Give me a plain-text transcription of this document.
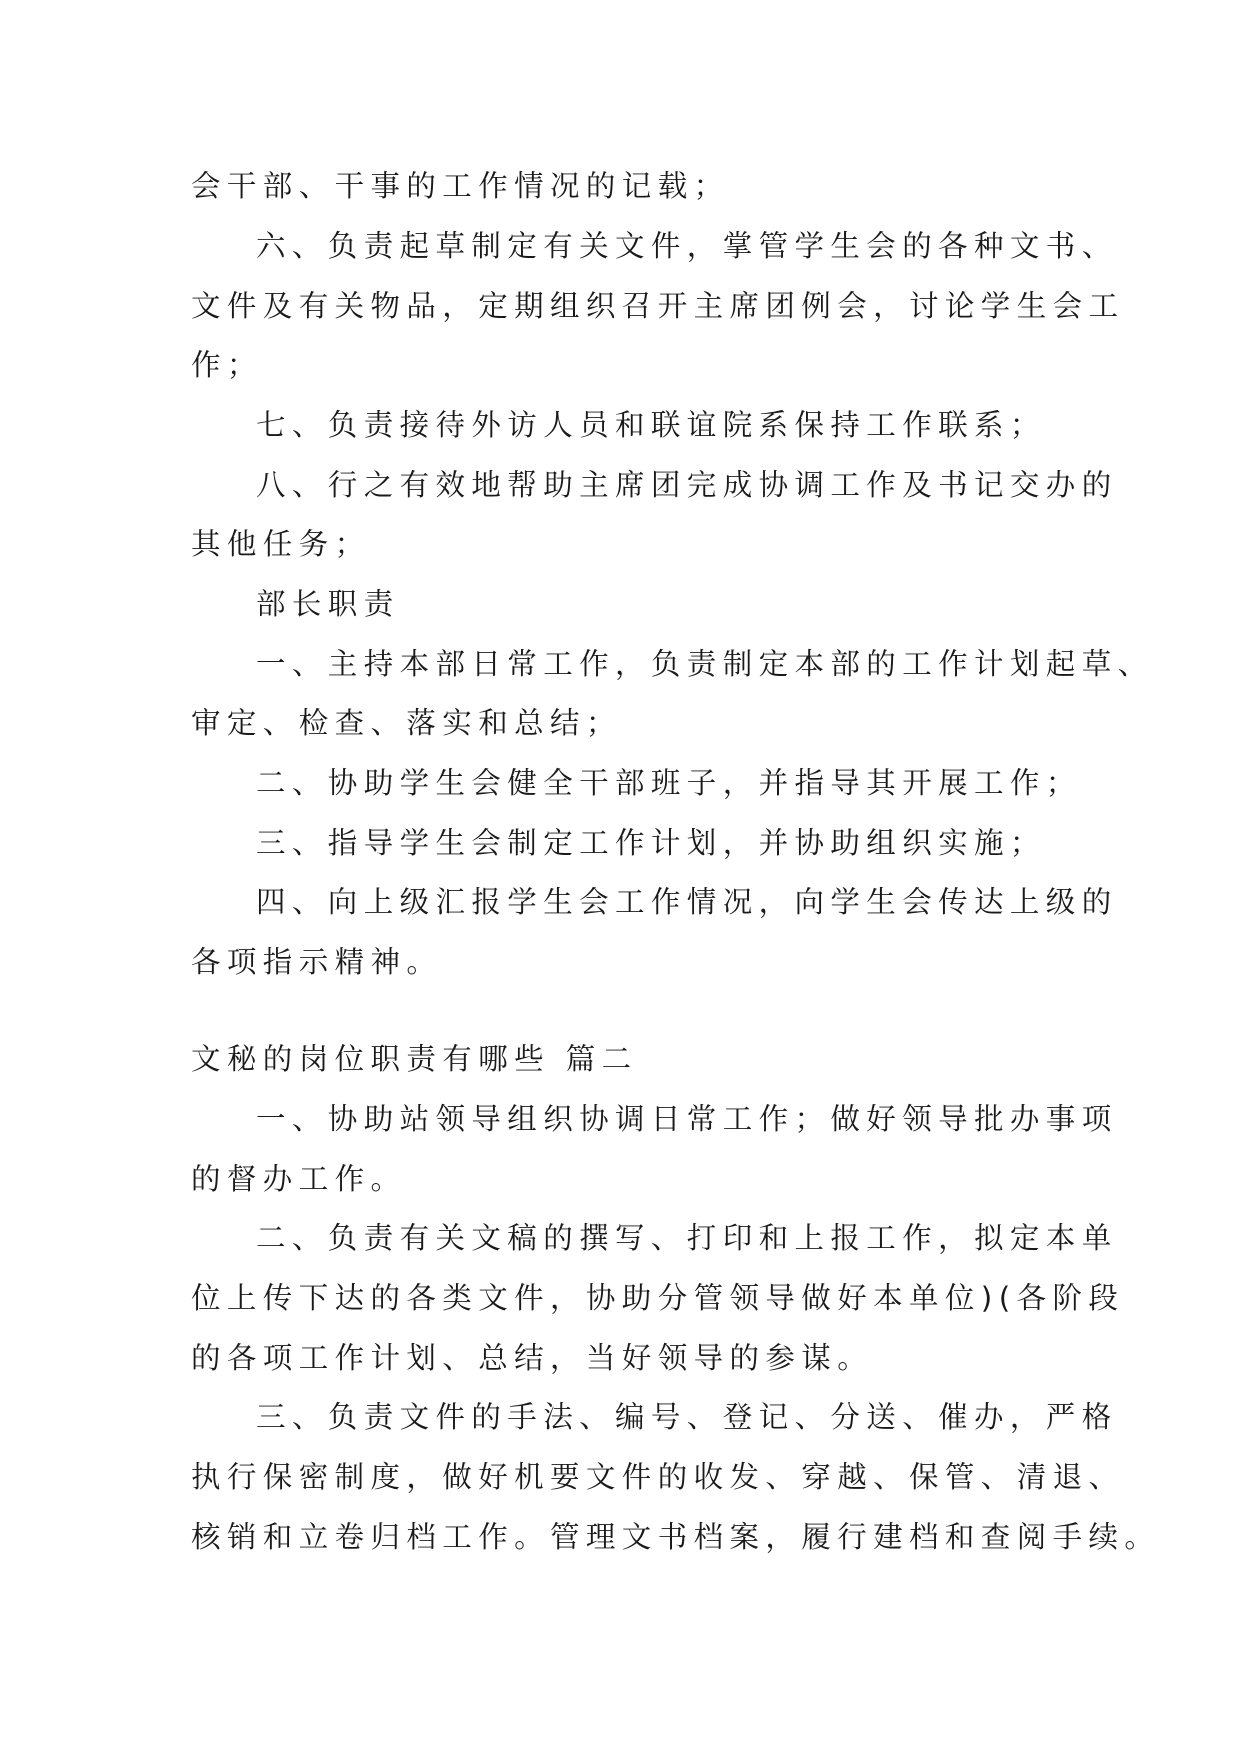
会干部、干事的工作情况的记载；
六、负责起草制定有关文件，掌管学生会的各种文书、
文件及有关物品，定期组织召开主席团例会，讨论学生会工
作；
七、负责接待外访人员和联谊院系保持工作联系；
八、行之有效地帮助主席团完成协调工作及书记交办的
其他任务；
部长职责
一、主持本部日常工作，负责制定本部的工作计划起草、
审定、检查、落实和总结；
二、协助学生会健全干部班子，并指导其开展工作；
三、指导学生会制定工作计划，并协助组织实施；
四、向上级汇报学生会工作情况，向学生会传达上级的
各项指示精神。
文秘的岗位职责有哪些 篇二
一、协助站领导组织协调日常工作；做好领导批办事项
的督办工作。
二、负责有关文稿的撰写、打印和上报工作，拟定本单
位上传下达的各类文件，协助分管领导做好本单位)(各阶段
的各项工作计划、总结，当好领导的参谋。
三、负责文件的手法、编号、登记、分送、催办，严格
执行保密制度，做好机要文件的收发、穿越、保管、清退、
核销和立卷归档工作。管理文书档案，履行建档和查阅手续。
